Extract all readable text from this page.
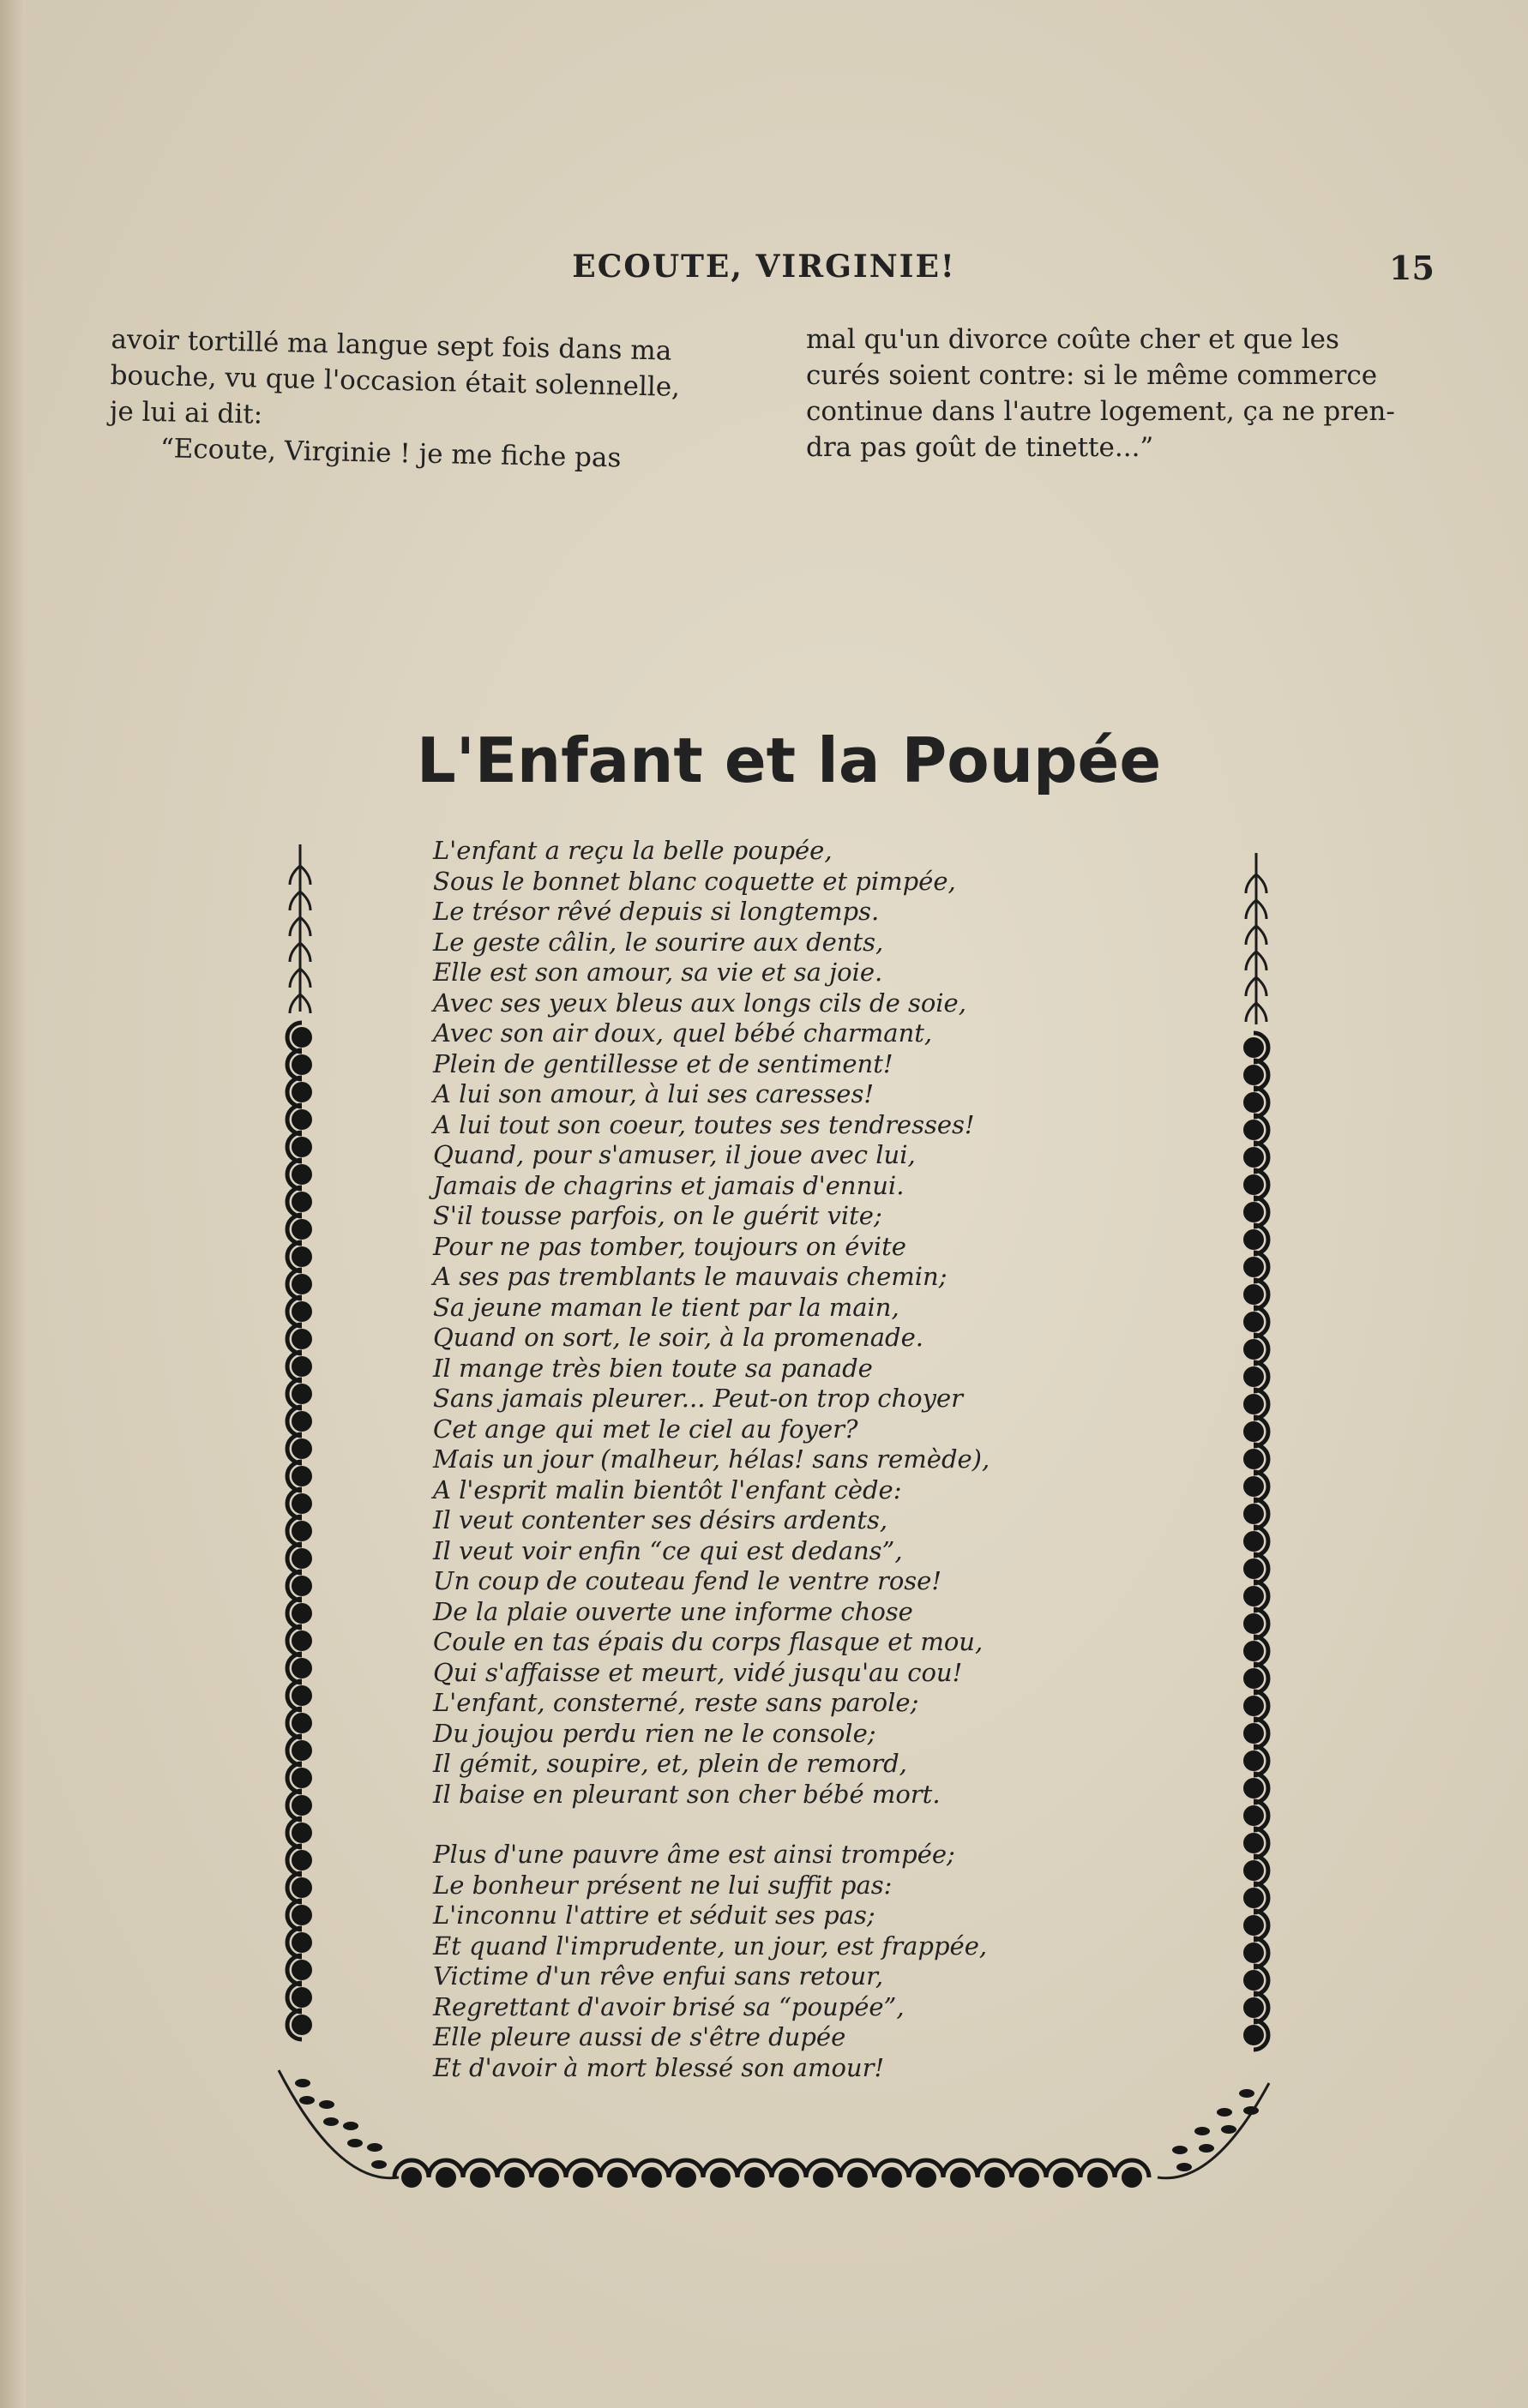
ECOUTE, VIRGINIE!	15

avoir tortillé ma langue sept fois dans ma

bouche, vu que l'occasion était solennelle,

je lui ai dit:

“Ecoute, Virginie ! je me fiche pas

mal qu'un divorce coûte cher et que les

curés soient contre: si le même commerce

continue dans l'autre logement, ça ne pren-

dra pas goût de tinette...”

L'Enfant et la Poupée
L'enfant a reçu la belle poupée,
Sous le bonnet blanc coquette et pimpée,
Le trésor rêvé depuis si longtemps.
Le geste câlin, le sourire aux dents,
Elle est son amour, sa vie et sa joie.
Avec ses yeux bleus aux longs cils de soie,
Avec son air doux, quel bébé charmant,
Plein de gentillesse et de sentiment!
A lui son amour, à lui ses caresses!
A lui tout son coeur, toutes ses tendresses!
Quand, pour s'amuser, il joue avec lui,
Jamais de chagrins et jamais d'ennui.
S'il tousse parfois, on le guérit vite;
Pour ne pas tomber, toujours on évite
A ses pas tremblants le mauvais chemin;
Sa jeune maman le tient par la main,
Quand on sort, le soir, à la promenade.
Il mange très bien toute sa panade
Sans jamais pleurer... Peut-on trop choyer
Cet ange qui met le ciel au foyer?
Mais un jour (malheur, hélas! sans remède),
A l'esprit malin bientôt l'enfant cède:
Il veut contenter ses désirs ardents,
Il veut voir enfin “ce qui est dedans”,
Un coup de couteau fend le ventre rose!
De la plaie ouverte une informe chose
Coule en tas épais du corps flasque et mou,
Qui s'affaisse et meurt, vidé jusqu'au cou!
L'enfant, consterné, reste sans parole;
Du joujou perdu rien ne le console;
Il gémit, soupire, et, plein de remord,
Il baise en pleurant son cher bébé mort.
Plus d'une pauvre âme est ainsi trompée;
Le bonheur présent ne lui suffit pas:
L'inconnu l'attire et séduit ses pas;
Et quand l'imprudente, un jour, est frappée,
Victime d'un rêve enfui sans retour,
Regrettant d'avoir brisé sa “poupée”,
Elle pleure aussi de s'être dupée
Et d'avoir à mort blessé son amour!
